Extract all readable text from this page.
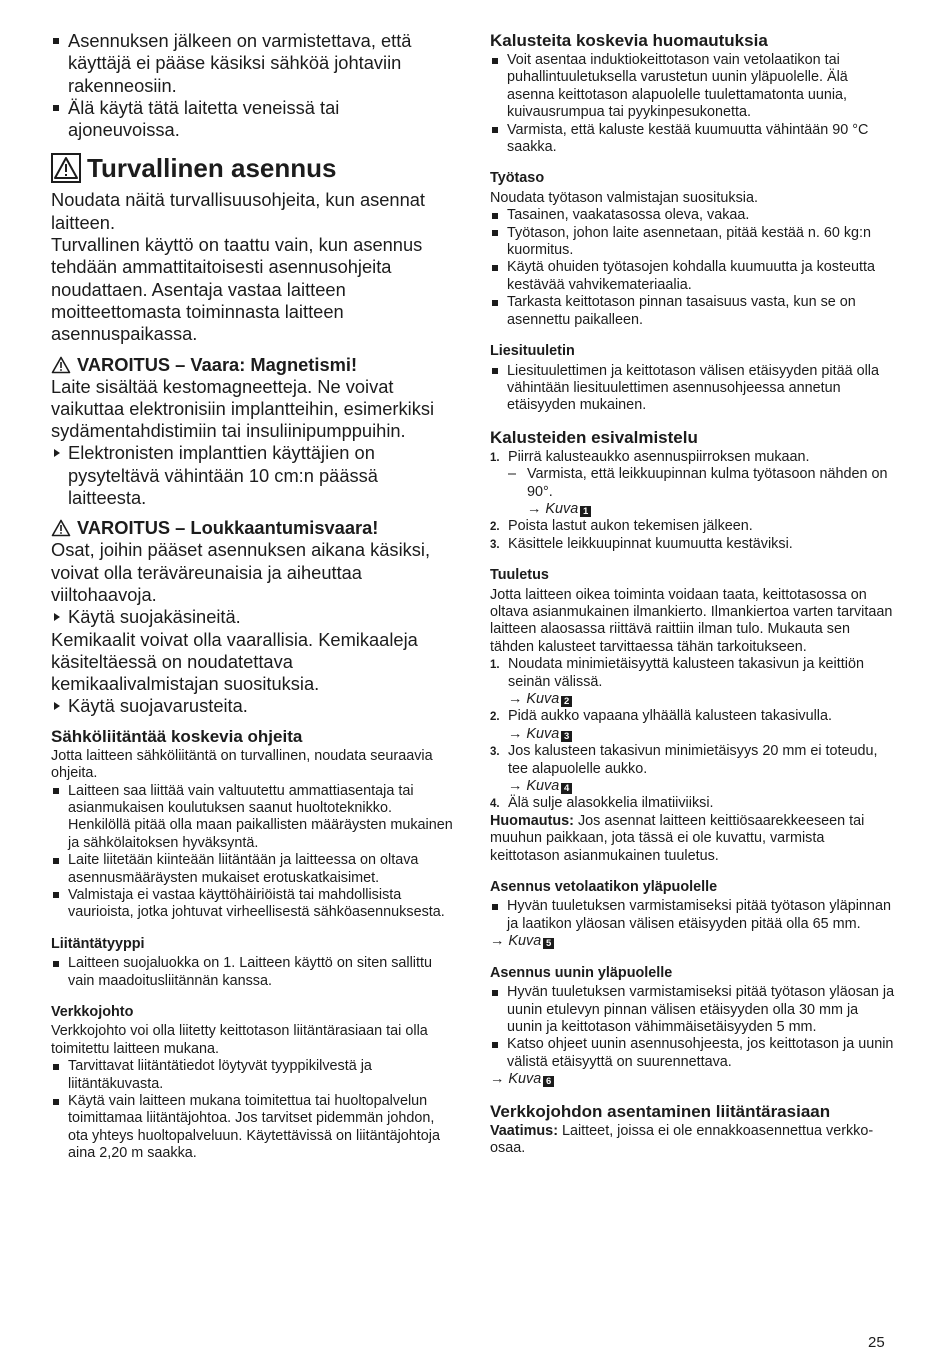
Asennuksen jälkeen on varmistettava, että käyttäjä ei pääse käsiksi sähköä johtaviin rakenneosiin.
Älä käytä tätä laitetta veneissä tai ajoneuvoissa.
Turvallinen asennus

Noudata näitä turvallisuusohjeita, kun asennat laitteen.

Turvallinen käyttö on taattu vain, kun asennus tehdään ammattitaitoisesti asennusohjeita noudattaen. Asentaja vastaa laitteen moitteettomasta toiminnasta laitteen asennuspaikassa.

VAROITUS – Vaara: Magnetismi!

Laite sisältää kestomagneetteja. Ne voivat vaikuttaa elektronisiin implantteihin, esimerkiksi sydämentahdistimiin tai insuliinipumppuihin.

Elektronisten implanttien käyttäjien on pysyteltävä vähintään 10 cm:n päässä laitteesta.

VAROITUS – Loukkaantumisvaara!

Osat, joihin pääset asennuksen aikana käsiksi, voivat olla teräväreunaisia ja aiheuttaa viiltohaavoja.

Käytä suojakäsineitä.

Kemikaalit voivat olla vaarallisia. Kemikaaleja käsiteltäessä on noudatettava kemikaalivalmistajan suosituksia.

Käytä suojavarusteita.

Sähköliitäntää koskevia ohjeita

Jotta laitteen sähköliitäntä on turvallinen, noudata seuraavia ohjeita.

Laitteen saa liittää vain valtuutettu ammattiasentaja tai asianmukaisen koulutuksen saanut huoltoteknikko. Henkilöllä pitää olla maan paikallisten määräysten mukainen ja sähkölaitoksen hyväksyntä.
Laite liitetään kiinteään liitäntään ja laitteessa on oltava asennusmääräysten mukaiset erotuskatkaisimet.
Valmistaja ei vastaa käyttöhäiriöistä tai mahdollisista vaurioista, jotka johtuvat virheellisestä sähköasennuksesta.
Liitäntätyyppi
Laitteen suojaluokka on 1. Laitteen käyttö on siten sallittu vain maadoitusliitännän kanssa.
Verkkojohto

Verkkojohto voi olla liitetty keittotason liitäntärasiaan tai olla toimitettu laitteen mukana.

Tarvittavat liitäntätiedot löytyvät tyyppikilvestä ja liitäntäkuvasta.
Käytä vain laitteen mukana toimitettua tai huoltopalvelun toimittamaa liitäntäjohtoa. Jos tarvitset pidemmän johdon, ota yhteys huoltopalveluun. Käytettävissä on liitäntäjohtoja aina 2,20 m saakka.
Kalusteita koskevia huomautuksia
Voit asentaa induktiokeittotason vain vetolaatikon tai puhallintuuletuksella varustetun uunin yläpuolelle. Älä asenna keittotason alapuolelle tuulettamatonta uunia, kuivausrumpua tai pyykinpesukonetta.
Varmista, että kaluste kestää kuumuutta vähintään 90 °C saakka.
Työtaso

Noudata työtason valmistajan suosituksia.

Tasainen, vaakatasossa oleva, vakaa.
Työtason, johon laite asennetaan, pitää kestää n. 60 kg:n kuormitus.
Käytä ohuiden työtasojen kohdalla kuumuutta ja kosteutta kestävää vahvikemateriaalia.
Tarkasta keittotason pinnan tasaisuus vasta, kun se on asennettu paikalleen.
Liesituuletin
Liesituulettimen ja keittotason välisen etäisyyden pitää olla vähintään liesituulettimen asennusohjeessa annetun etäisyyden mukainen.
Kalusteiden esivalmistelu
1. Piirrä kalusteaukko asennuspiirroksen mukaan.
– Varmista, että leikkuupinnan kulma työtasoon nähden on 90°.
→ Kuva 1
2. Poista lastut aukon tekemisen jälkeen.
3. Käsittele leikkuupinnat kuumuutta kestäviksi.
Tuuletus

Jotta laitteen oikea toiminta voidaan taata, keittotasossa on oltava asianmukainen ilmankierto. Ilmankiertoa varten tarvitaan laitteen alaosassa riittävä raittiin ilman tulo. Mukauta sen tähden kalusteet tarvittaessa tähän tarkoitukseen.

1. Noudata minimietäisyyttä kalusteen takasivun ja keittiön seinän välissä.
→ Kuva 2
2. Pidä aukko vapaana ylhäällä kalusteen takasivulla.
→ Kuva 3
3. Jos kalusteen takasivun minimietäisyys 20 mm ei toteudu, tee alapuolelle aukko.
→ Kuva 4
4. Älä sulje alasokkelia ilmatiiviiksi.

Huomautus: Jos asennat laitteen keittiösaarekkeeseen tai muuhun paikkaan, jota tässä ei ole kuvattu, varmista keittotason asianmukainen tuuletus.

Asennus vetolaatikon yläpuolelle
Hyvän tuuletuksen varmistamiseksi pitää työtason yläpinnan ja laatikon yläosan välisen etäisyyden pitää olla 65 mm.

→ Kuva 5

Asennus uunin yläpuolelle
Hyvän tuuletuksen varmistamiseksi pitää työtason yläosan ja uunin etulevyn pinnan välisen etäisyyden olla 30 mm ja uunin ja keittotason vähimmäisetäisyyden 5 mm.
Katso ohjeet uunin asennusohjeesta, jos keittotason ja uunin välistä etäisyyttä on suurennettava.

→ Kuva 6

Verkkojohdon asentaminen liitäntärasiaan

Vaatimus: Laitteet, joissa ei ole ennakkoasennettua verkko-osaa.

25
